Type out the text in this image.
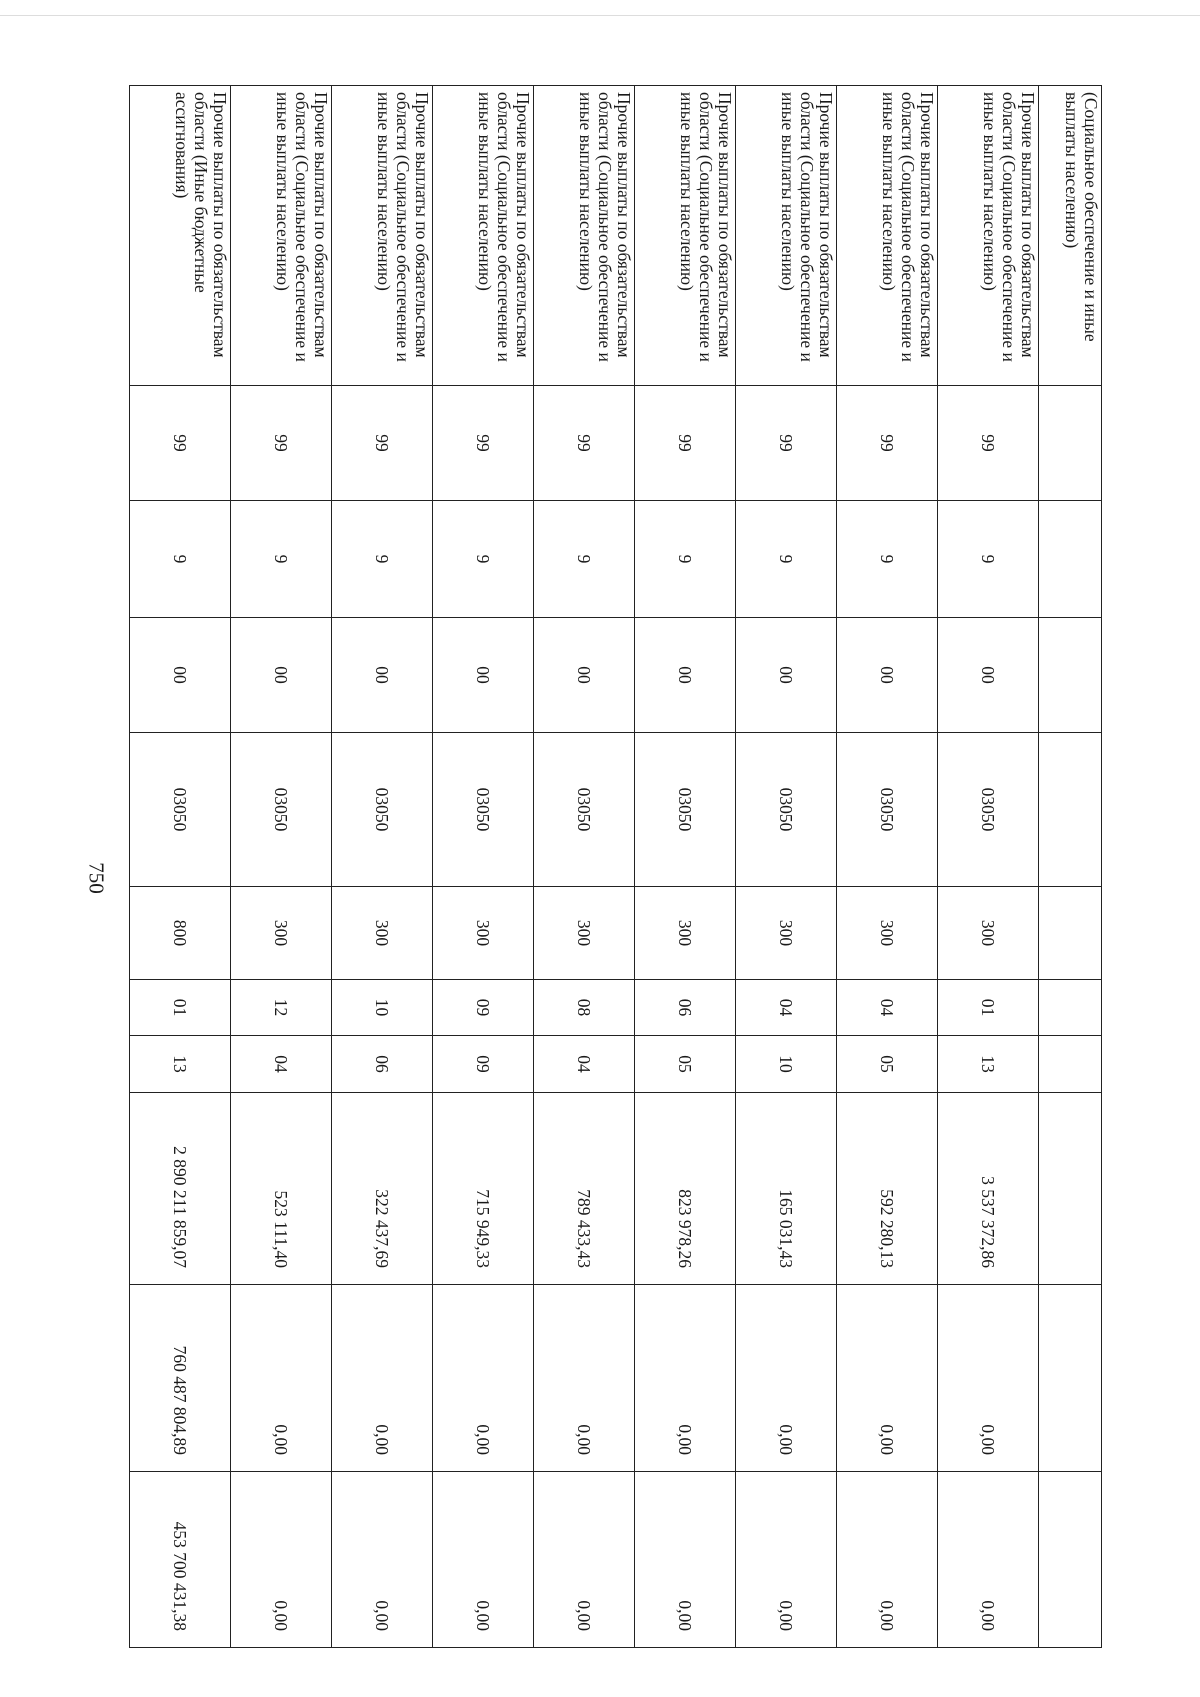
750
(Социальное обеспечение и иные выплаты населению)										
Прочие выплаты по обязательствам области (Социальное обеспечение и иные выплаты населению)	99	9	00	03050	300	01	13	3 537 372,86	0,00	0,00
Прочие выплаты по обязательствам области (Социальное обеспечение и иные выплаты населению)	99	9	00	03050	300	04	05	592 280,13	0,00	0,00
Прочие выплаты по обязательствам области (Социальное обеспечение и иные выплаты населению)	99	9	00	03050	300	04	10	165 031,43	0,00	0,00
Прочие выплаты по обязательствам области (Социальное обеспечение и иные выплаты населению)	99	9	00	03050	300	06	05	823 978,26	0,00	0,00
Прочие выплаты по обязательствам области (Социальное обеспечение и иные выплаты населению)	99	9	00	03050	300	08	04	789 433,43	0,00	0,00
Прочие выплаты по обязательствам области (Социальное обеспечение и иные выплаты населению)	99	9	00	03050	300	09	09	715 949,33	0,00	0,00
Прочие выплаты по обязательствам области (Социальное обеспечение и иные выплаты населению)	99	9	00	03050	300	10	06	322 437,69	0,00	0,00
Прочие выплаты по обязательствам области (Социальное обеспечение и иные выплаты населению)	99	9	00	03050	300	12	04	523 111,40	0,00	0,00
Прочие выплаты по обязательствам области (Иные бюджетные ассигнования)	99	9	00	03050	800	01	13	2 890 211 859,07	760 487 804,89	453 700 431,38
